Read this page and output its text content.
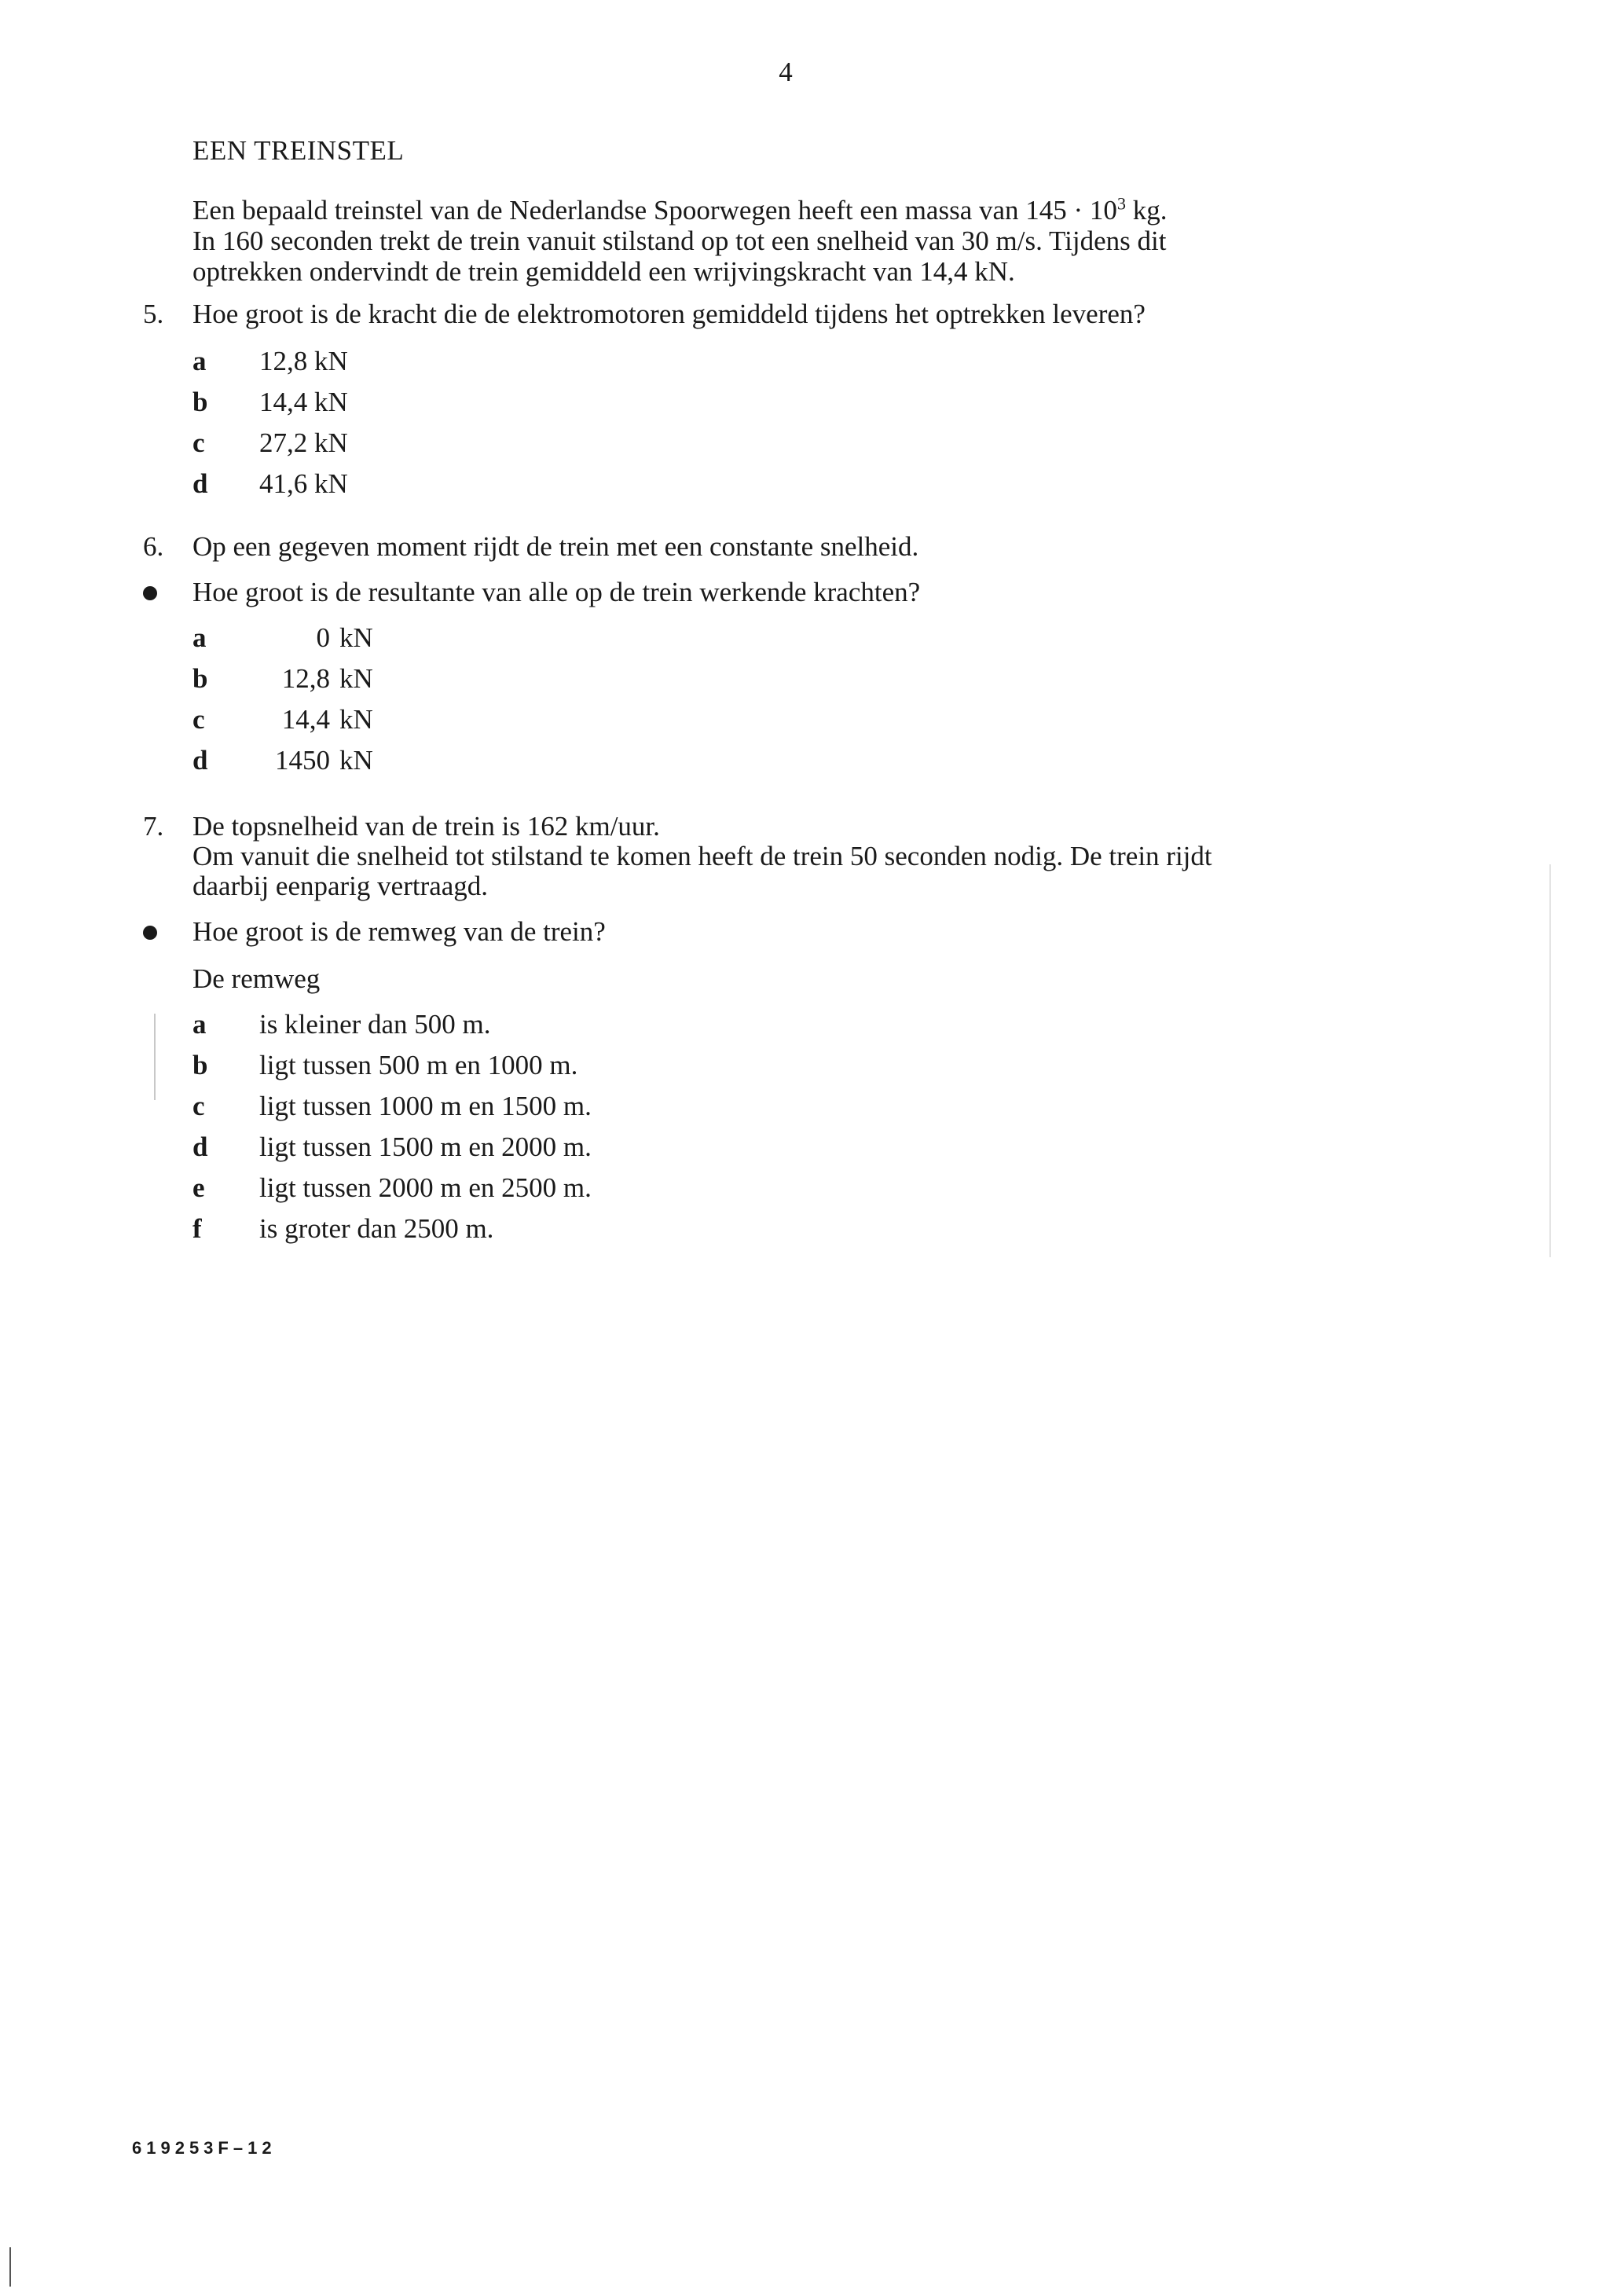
4
EEN TREINSTEL
Een bepaald treinstel van de Nederlandse Spoorwegen heeft een massa van $145 \cdot 10^3$ kg.
In 160 seconden trekt de trein vanuit stilstand op tot een snelheid van 30 m/s. Tijdens dit
optrekken ondervindt de trein gemiddeld een wrijvingskracht van 14,4 kN.
5. Hoe groot is de kracht die de elektromotoren gemiddeld tijdens het optrekken leveren?
a 12,8 kN
b 14,4 kN
c 27,2 kN
d 41,6 kN
6. Op een gegeven moment rijdt de trein met een constante snelheid.
Hoe groot is de resultante van alle op de trein werkende krachten?
a	0 kN
b	12,8 kN
c	14,4 kN
d	1450 kN
7. De topsnelheid van de trein is 162 km/uur.
Om vanuit die snelheid tot stilstand te komen heeft de trein 50 seconden nodig. De trein rijdt
daarbij eenparig vertraagd.
Hoe groot is de remweg van de trein?
De remweg
a is kleiner dan 500 m.
b ligt tussen 500 m en 1000 m.
c ligt tussen 1000 m en 1500 m.
d ligt tussen 1500 m en 2000 m.
e ligt tussen 2000 m en 2500 m.
f is groter dan 2500 m.
619253F–12
